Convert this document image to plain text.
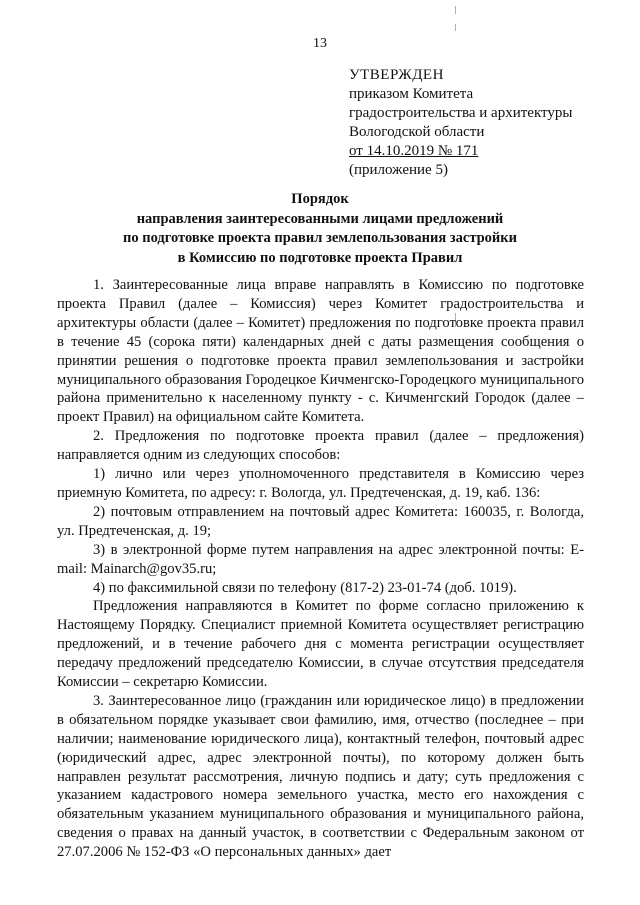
13
УТВЕРЖДЕН
приказом Комитета
градостроительства и архитектуры
Вологодской области
от 14.10.2019 № 171
(приложение 5)
Порядок
направления заинтересованными лицами предложений
по подготовке проекта правил землепользования застройки
в Комиссию по подготовке проекта Правил

1. Заинтересованные лица вправе направлять в Комиссию по подготовке проекта Правил (далее – Комиссия) через Комитет градостроительства и архитектуры области (далее – Комитет) предложения по подготовке проекта правил в течение 45 (сорока пяти) календарных дней с даты размещения сообщения о принятии решения о подготовке проекта правил землепользования и застройки муниципального образования Городецкое Кичменгско-Городецкого муниципального района применительно к населенному пункту - с. Кичменгский Городок (далее – проект Правил) на официальном сайте Комитета.

2. Предложения по подготовке проекта правил (далее – предложения) направляется одним из следующих способов:

1) лично или через уполномоченного представителя в Комиссию через приемную Комитета, по адресу: г. Вологда, ул. Предтеченская, д. 19, каб. 136:

2) почтовым отправлением на почтовый адрес Комитета: 160035, г. Вологда, ул. Предтеченская, д. 19;

3) в электронной форме путем направления на адрес электронной почты: E-mail: Mainarch@gov35.ru;

4) по факсимильной связи по телефону (817-2) 23-01-74 (доб. 1019).

Предложения направляются в Комитет по форме согласно приложению к Настоящему Порядку. Специалист приемной Комитета осуществляет регистрацию предложений, и в течение рабочего дня с момента регистрации осуществляет передачу предложений председателю Комиссии, в случае отсутствия председателя Комиссии – секретарю Комиссии.

3. Заинтересованное лицо (гражданин или юридическое лицо) в предложении в обязательном порядке указывает свои фамилию, имя, отчество (последнее – при наличии; наименование юридического лица), контактный телефон, почтовый адрес (юридический адрес, адрес электронной почты), по которому должен быть направлен результат рассмотрения, личную подпись и дату; суть предложения с указанием кадастрового номера земельного участка, место его нахождения с обязательным указанием муниципального образования и муниципального района, сведения о правах на данный участок, в соответствии с Федеральным законом от 27.07.2006 № 152-ФЗ «О персональных данных» дает
